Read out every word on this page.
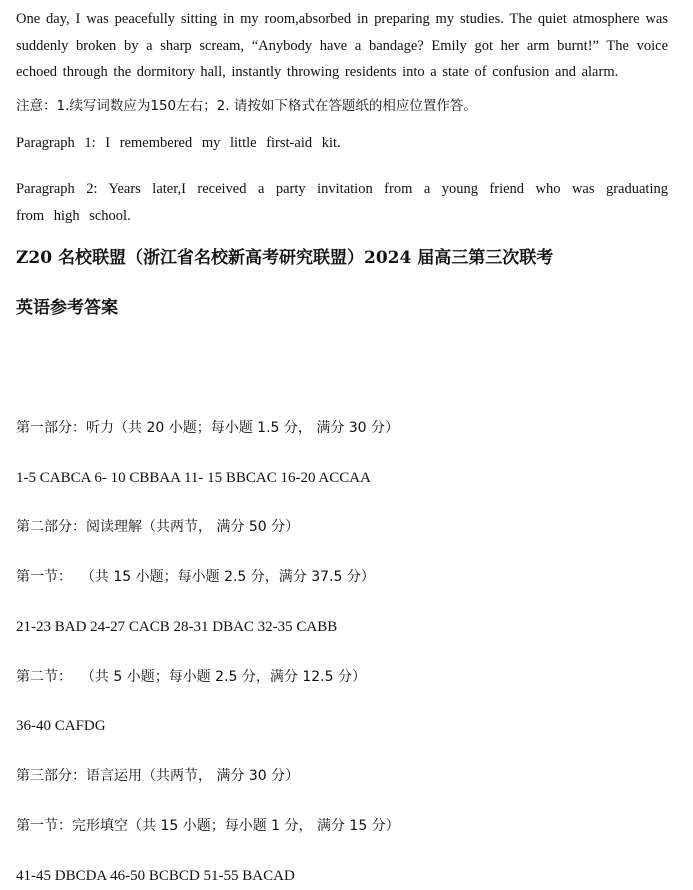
One day, I was peacefully sitting in my room,absorbed in preparing my studies. The quiet atmosphere was suddenly broken by a sharp scream, “Anybody have a bandage? Emily got her arm burnt!” The voice echoed through the dormitory hall, instantly throwing residents into a state of confusion and alarm.
注意：1.续写词数应为150左右；2. 请按如下格式在答题纸的相应位置作答。
Paragraph 1: I remembered my little first-aid kit.
Paragraph 2: Years later,I received a party invitation from a young friend who was graduating from high school.
Z20 名校联盟（浙江省名校新高考研究联盟）2024 届高三第三次联考
英语参考答案
第一部分：听力（共 20 小题；每小题 1.5 分， 满分 30 分）
1-5 CABCA 6- 10 CBBAA 11- 15 BBCAC 16-20 ACCAA
第二部分：阅读理解（共两节， 满分 50 分）
第一节：  （共 15 小题；每小题 2.5 分，满分 37.5 分）
21-23 BAD 24-27 CACB 28-31 DBAC 32-35 CABB
第二节：  （共 5 小题；每小题 2.5 分，满分 12.5 分）
36-40 CAFDG
第三部分：语言运用（共两节， 满分 30 分）
第一节：完形填空（共 15 小题；每小题 1 分， 满分 15 分）
41-45 DBCDA 46-50 BCBCD 51-55 BACAD
